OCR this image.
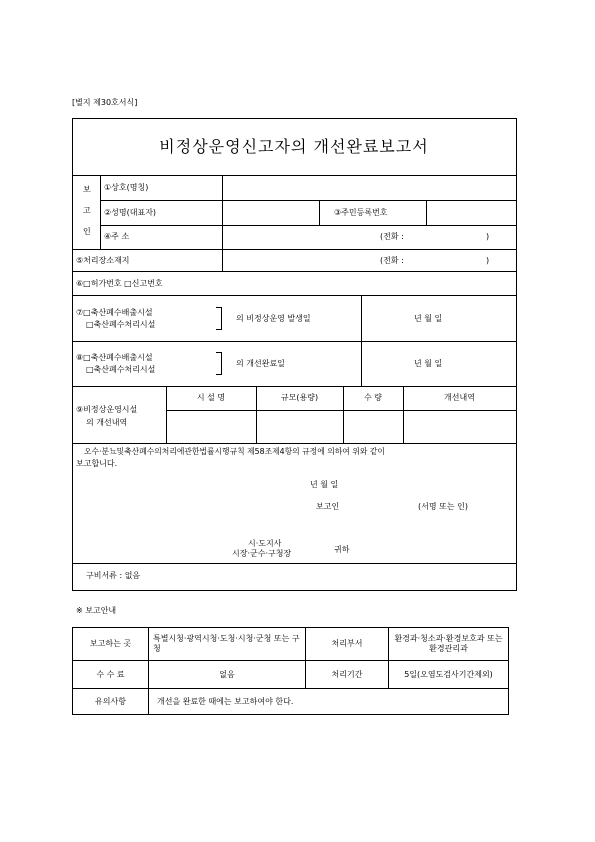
[별지 제30호서식]
비정상운영신고자의 개선완료보고서
보
고
인
①상호(명칭)
②성명(대표자)	③주민등록번호
④주 소	(전화 :	)
⑤처리장소재지	(전화 :	)
⑥□허가번호 □신고번호
⑦□축산폐수배출시설
□축산폐수처리시설
의 비정상운영 발생일	년 월 일
⑧□축산폐수배출시설
□축산폐수처리시설
의 개선완료일	년 월 일
⑨비정상운영시설
의 개선내역
시 설 명	규모(용량)	수 량	개선내역
오수·분뇨및축산폐수의처리에관한법률시행규칙 제58조제4항의 규정에 의하여 위와 같이
보고합니다.
년 월 일
보고인	(서명 또는 인)
시·도지사
시장·군수·구청장	귀하
구비서류 : 없음
※ 보고안내
보고하는 곳	특별시청·광역시청·도청·시청·군청 또는 구청	처리부서	환경과·청소과·환경보호과 또는 환경관리과
수 수 료	없음	처리기간	5일(오염도검사기간제외)
유의사항	개선을 완료한 때에는 보고하여야 한다.		
